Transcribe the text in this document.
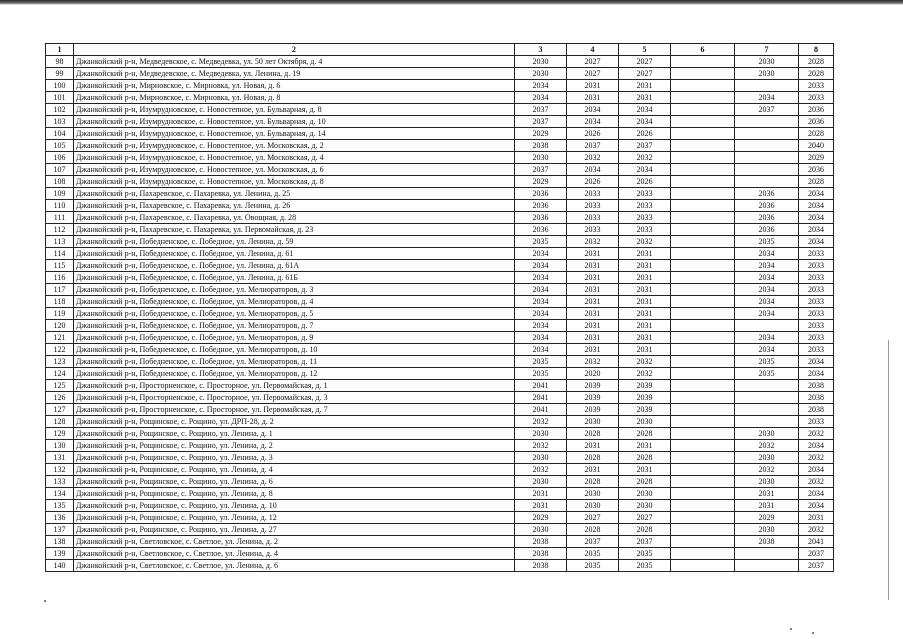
1	2	3	4	5	6	7	8
98	Джанкойский р-н, Медведевское, с. Медведевка, ул. 50 лет Октября, д. 4	2030	2027	2027		2030	2028
99	Джанкойский р-н, Медведевское, с. Медведевка, ул. Ленина, д. 19	2030	2027	2027		2030	2028
100	Джанкойский р-н, Мирновское, с. Мирновка, ул. Новая, д. 6	2034	2031	2031			2033
101	Джанкойский р-н, Мирновское, с. Мирновка, ул. Новая, д. 8	2034	2031	2031		2034	2033
102	Джанкойский р-н, Изумрудновское, с. Новостепное, ул. Бульварная, д. 8	2037	2034	2034		2037	2036
103	Джанкойский р-н, Изумрудновское, с. Новостепное, ул. Бульварная, д. 10	2037	2034	2034			2036
104	Джанкойский р-н, Изумрудновское, с. Новостепное, ул. Бульварная, д. 14	2029	2026	2026			2028
105	Джанкойский р-н, Изумрудновское, с. Новостепное, ул. Московская, д. 2	2038	2037	2037			2040
106	Джанкойский р-н, Изумрудновское, с. Новостепное, ул. Московская, д. 4	2030	2032	2032			2029
107	Джанкойский р-н, Изумрудновское, с. Новостепное, ул. Московская, д. 6	2037	2034	2034			2036
108	Джанкойский р-н, Изумрудновское, с. Новостепное, ул. Московская, д. 8	2029	2026	2026			2028
109	Джанкойский р-н, Пахаревское, с. Пахаревка, ул. Ленина, д. 25	2036	2033	2033		2036	2034
110	Джанкойский р-н, Пахаревское, с. Пахаревка, ул. Ленина, д. 26	2036	2033	2033		2036	2034
111	Джанкойский р-н, Пахаревское, с. Пахаревка, ул. Овощная, д. 28	2036	2033	2033		2036	2034
112	Джанкойский р-н, Пахаревское, с. Пахаревка, ул. Первомайская, д. 23	2036	2033	2033		2036	2034
113	Джанкойский р-н, Победненское, с. Победное, ул. Ленина, д. 59	2035	2032	2032		2035	2034
114	Джанкойский р-н, Победненское, с. Победное, ул. Ленина, д. 61	2034	2031	2031		2034	2033
115	Джанкойский р-н, Победненское, с. Победное, ул. Ленина, д. 61А	2034	2031	2031		2034	2033
116	Джанкойский р-н, Победненское, с. Победное, ул. Ленина, д. 61Б	2034	2031	2031		2034	2033
117	Джанкойский р-н, Победненское, с. Победное, ул. Мелиораторов, д. 3	2034	2031	2031		2034	2033
118	Джанкойский р-н, Победненское, с. Победное, ул. Мелиораторов, д. 4	2034	2031	2031		2034	2033
119	Джанкойский р-н, Победненское, с. Победное, ул. Мелиораторов, д. 5	2034	2031	2031		2034	2033
120	Джанкойский р-н, Победненское, с. Победное, ул. Мелиораторов, д. 7	2034	2031	2031			2033
121	Джанкойский р-н, Победненское, с. Победное, ул. Мелиораторов, д. 9	2034	2031	2031		2034	2033
122	Джанкойский р-н, Победненское, с. Победное, ул. Мелиораторов, д. 10	2034	2031	2031		2034	2033
123	Джанкойский р-н, Победненское, с. Победное, ул. Мелиораторов, д. 11	2035	2032	2032		2035	2034
124	Джанкойский р-н, Победненское, с. Победное, ул. Мелиораторов, д. 12	2035	2020	2032		2035	2034
125	Джанкойский р-н, Просторненское, с. Просторное, ул. Первомайская, д. 1	2041	2039	2039			2038
126	Джанкойский р-н, Просторненское, с. Просторное, ул. Первомайская, д. 3	2041	2039	2039			2038
127	Джанкойский р-н, Просторненское, с. Просторное, ул. Первомайская, д. 7	2041	2039	2039			2038
128	Джанкойский р-н, Рощинское, с. Рощино, ул. ДРП-28, д. 2	2032	2030	2030			2033
129	Джанкойский р-н, Рощинское, с. Рощино, ул. Ленина, д. 1	2030	2028	2028		2030	2032
130	Джанкойский р-н, Рощинское, с. Рощино, ул. Ленина, д. 2	2032	2031	2031		2032	2034
131	Джанкойский р-н, Рощинское, с. Рощино, ул. Ленина, д. 3	2030	2028	2028		2030	2032
132	Джанкойский р-н, Рощинское, с. Рощино, ул. Ленина, д. 4	2032	2031	2031		2032	2034
133	Джанкойский р-н, Рощинское, с. Рощино, ул. Ленина, д. 6	2030	2028	2028		2030	2032
134	Джанкойский р-н, Рощинское, с. Рощино, ул. Ленина, д. 8	2031	2030	2030		2031	2034
135	Джанкойский р-н, Рощинское, с. Рощино, ул. Ленина, д. 10	2031	2030	2030		2031	2034
136	Джанкойский р-н, Рощинское, с. Рощино, ул. Ленина, д. 12	2029	2027	2027		2029	2031
137	Джанкойский р-н, Рощинское, с. Рощино, ул. Ленина, д. 27	2030	2028	2028		2030	2032
138	Джанкойский р-н, Светловское, с. Светлое, ул. Ленина, д. 2	2038	2037	2037		2038	2041
139	Джанкойский р-н, Светловское, с. Светлое, ул. Ленина, д. 4	2038	2035	2035			2037
140	Джанкойский р-н, Светловское, с. Светлое, ул. Ленина, д. 6	2038	2035	2035			2037
